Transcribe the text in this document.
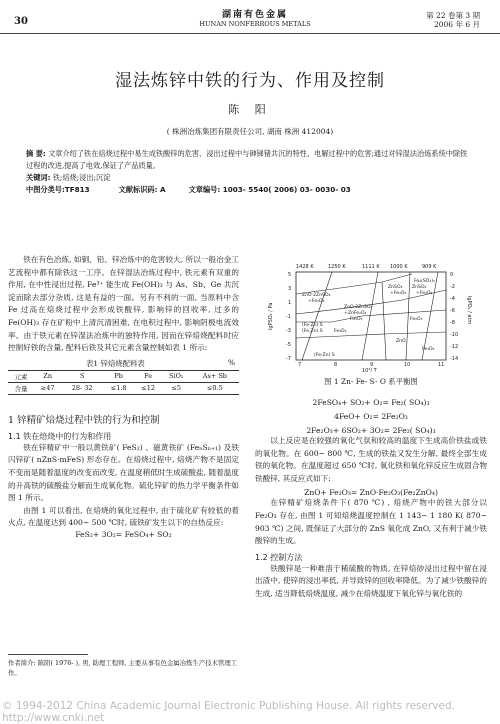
30
湖南有色金属
HUNAN NONFERROUS METALS
第 22 卷第 3 期
2006 年 6 月
湿法炼锌中铁的行为、作用及控制
陈 阳
( 株洲冶炼集团有限责任公司, 湖南 株洲 412004)
摘 要: 文章介绍了铁在焙烧过程中易生成铁酸锌的危害、浸出过程中与砷锑锗共沉的特性、电解过程中的危害;通过对锌湿法冶炼系统中除铁过程的改进,提高了电效,保证了产品质量。
关键词: 铁;焙烧;浸出;沉淀
中图分类号:TF813	文献标识码: A	文章编号: 1003- 5540( 2006) 03- 0030- 03
铁在有色冶炼, 如铜、铅、锌冶炼中的危害较大, 所以一般冶金工艺流程中都有除铁这一工序。在锌湿法冶炼过程中, 铁元素有双重的作用, 在中性浸出过程, Fe³⁺ 能生成 Fe(OH)₃ 与 As、Sb、Ge 共沉淀而除去部分杂质, 这是有益的一面。另有不利的一面, 当原料中含 Fe 过高在焙烧过程中会形成铁酸锌, 影响锌的回收率, 过多的 Fe(OH)₃ 存在矿粉中上清沉清困难, 在电积过程中, 影响阴极电流效率。由于铁元素在锌湿法冶炼中的独特作用, 因而在锌焙烧配料时应控制好铁的含量, 配料后铁及其它元素含量控制如表 1 所示:
表1 锌焙烧配料表	%
元素	Zn	S	Pb	Fe	SiO₂	As+ Sb
含量	≥47	28- 32	≤1.8	≤12	≤5	≤0.5
1 锌精矿焙烧过程中铁的行为和控制
1.1 铁在焙烧中的行为和作用
铁在锌精矿中一般以黄铁矿( FeS₂) 、磁黄铁矿 (FeₙSₙ₊₁) 及铁闪锌矿( nZnS·mFeS) 形态存在。在焙烧过程中, 焙烧产物不是固定不变而是随着温度的改变而改变, 在温度稍低时生成硫酸盐, 随着温度的升高铁的硫酸盐分解而生成氧化物。硫化锌矿的热力学平衡条件如图 1 所示。
由图 1 可以看出, 在焙烧的氧化过程中, 由于硫化矿有较低的着火点, 在温度达到 400~ 500 ℃时, 硫铁矿发生以下的自热反应:
FeS₂+ 3O₂= FeSO₄+ SO₂
1428 K	1250 K	1111 K 1000 K	909 K
5
3
1
-1
-3
-5
-7
0
-2
-4
-6
-8
-10
-12
-14
7	8	9	10	11
10⁴/ T
lgPSO₂ / Pa	lgPO₂ / atm
ZnO·2ZnSO₄
+Fe₂O₃
Fe₂(SO₄)₃
ZnSO₄ ZnSO₄
+Fe₂O₃ +Fe₂O₃
ZnO·2ZnSO₄
+ZnFe₂O₄
Fe₂O₃
(Fe·Zn) S
(Fe,Zn) S Fe₃O₄
ZnO
Fe₃O₄
(Fe·Zn) S
Fe₂O₃
图 1 Zn- Fe- S- O 系平衡图
2FeSO₄+ SO₂+ O₂= Fe₂( SO₄)₃
4FeO+ O₂= 2Fe₂O₃
2Fe₂O₃+ 6SO₂+ 3O₂= 2Fe₂( SO₄)₃
以上反应是在较强的氧化气氛和较高的温度下生成高价铁盐或铁的氧化物。在 600~ 800 ℃, 生成的铁盐又发生分解, 最终全部生成铁的氧化物。在温度超过 650 ℃时, 氧化铁和氧化锌反应生成固合物铁酸锌, 其反应式如下:
ZnO+ Fe₂O₃= ZnO·Fe₂O₃(Fe₂ZnO₄)
在锌精矿焙烧条件下( 870 ℃) , 焙烧产物中的铁大部分以 Fe₂O₃ 存在, 由图 1 可知焙烧温度控制在 1 143~ 1 180 K( 870~ 903 ℃) 之间, 既保证了大部分的 ZnS 氧化成 ZnO, 又有利于减少铁酸锌的生成。
1.2 控制方法
铁酸锌是一种难溶于稀硫酸的物质, 在锌焙砂浸出过程中留在浸出渣中, 使锌的浸出率低, 并导致锌的回收率降低。为了减少铁酸锌的生成, 适当降低焙烧温度, 减少在焙烧温度下氧化锌与氧化铁的
作者简介: 陈阳( 1976- ), 男, 助理工程师, 主要从事有色金属冶炼生产技术管理工作。
© 1994-2012 China Academic Journal Electronic Publishing House. All rights reserved. http://www.cnki.net
